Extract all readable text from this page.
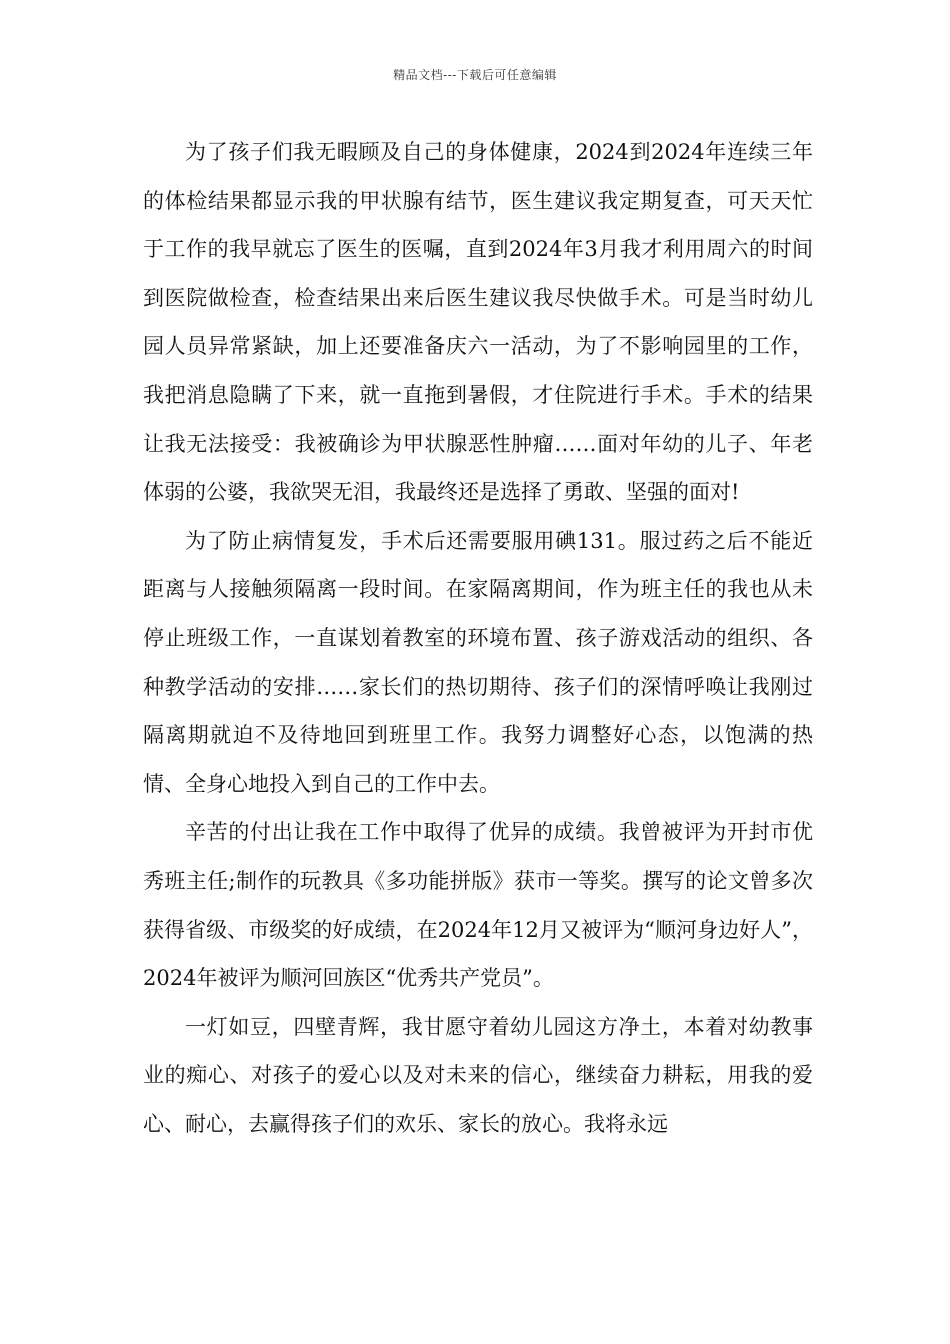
精品文档---下载后可任意编辑

为了孩子们我无暇顾及自己的身体健康，2024到2024年连续三年的体检结果都显示我的甲状腺有结节，医生建议我定期复查，可天天忙于工作的我早就忘了医生的医嘱，直到2024年3月我才利用周六的时间到医院做检查，检查结果出来后医生建议我尽快做手术。可是当时幼儿园人员异常紧缺，加上还要准备庆六一活动，为了不影响园里的工作，我把消息隐瞒了下来，就一直拖到暑假，才住院进行手术。手术的结果让我无法接受：我被确诊为甲状腺恶性肿瘤……面对年幼的儿子、年老体弱的公婆，我欲哭无泪，我最终还是选择了勇敢、坚强的面对!

为了防止病情复发，手术后还需要服用碘131。服过药之后不能近距离与人接触须隔离一段时间。在家隔离期间，作为班主任的我也从未停止班级工作，一直谋划着教室的环境布置、孩子游戏活动的组织、各种教学活动的安排……家长们的热切期待、孩子们的深情呼唤让我刚过隔离期就迫不及待地回到班里工作。我努力调整好心态，以饱满的热情、全身心地投入到自己的工作中去。

辛苦的付出让我在工作中取得了优异的成绩。我曾被评为开封市优秀班主任;制作的玩教具《多功能拼版》获市一等奖。撰写的论文曾多次获得省级、市级奖的好成绩，在2024年12月又被评为“顺河身边好人”，2024年被评为顺河回族区“优秀共产党员”。

一灯如豆，四壁青辉，我甘愿守着幼儿园这方净土，本着对幼教事业的痴心、对孩子的爱心以及对未来的信心，继续奋力耕耘，用我的爱心、耐心，去赢得孩子们的欢乐、家长的放心。我将永远
